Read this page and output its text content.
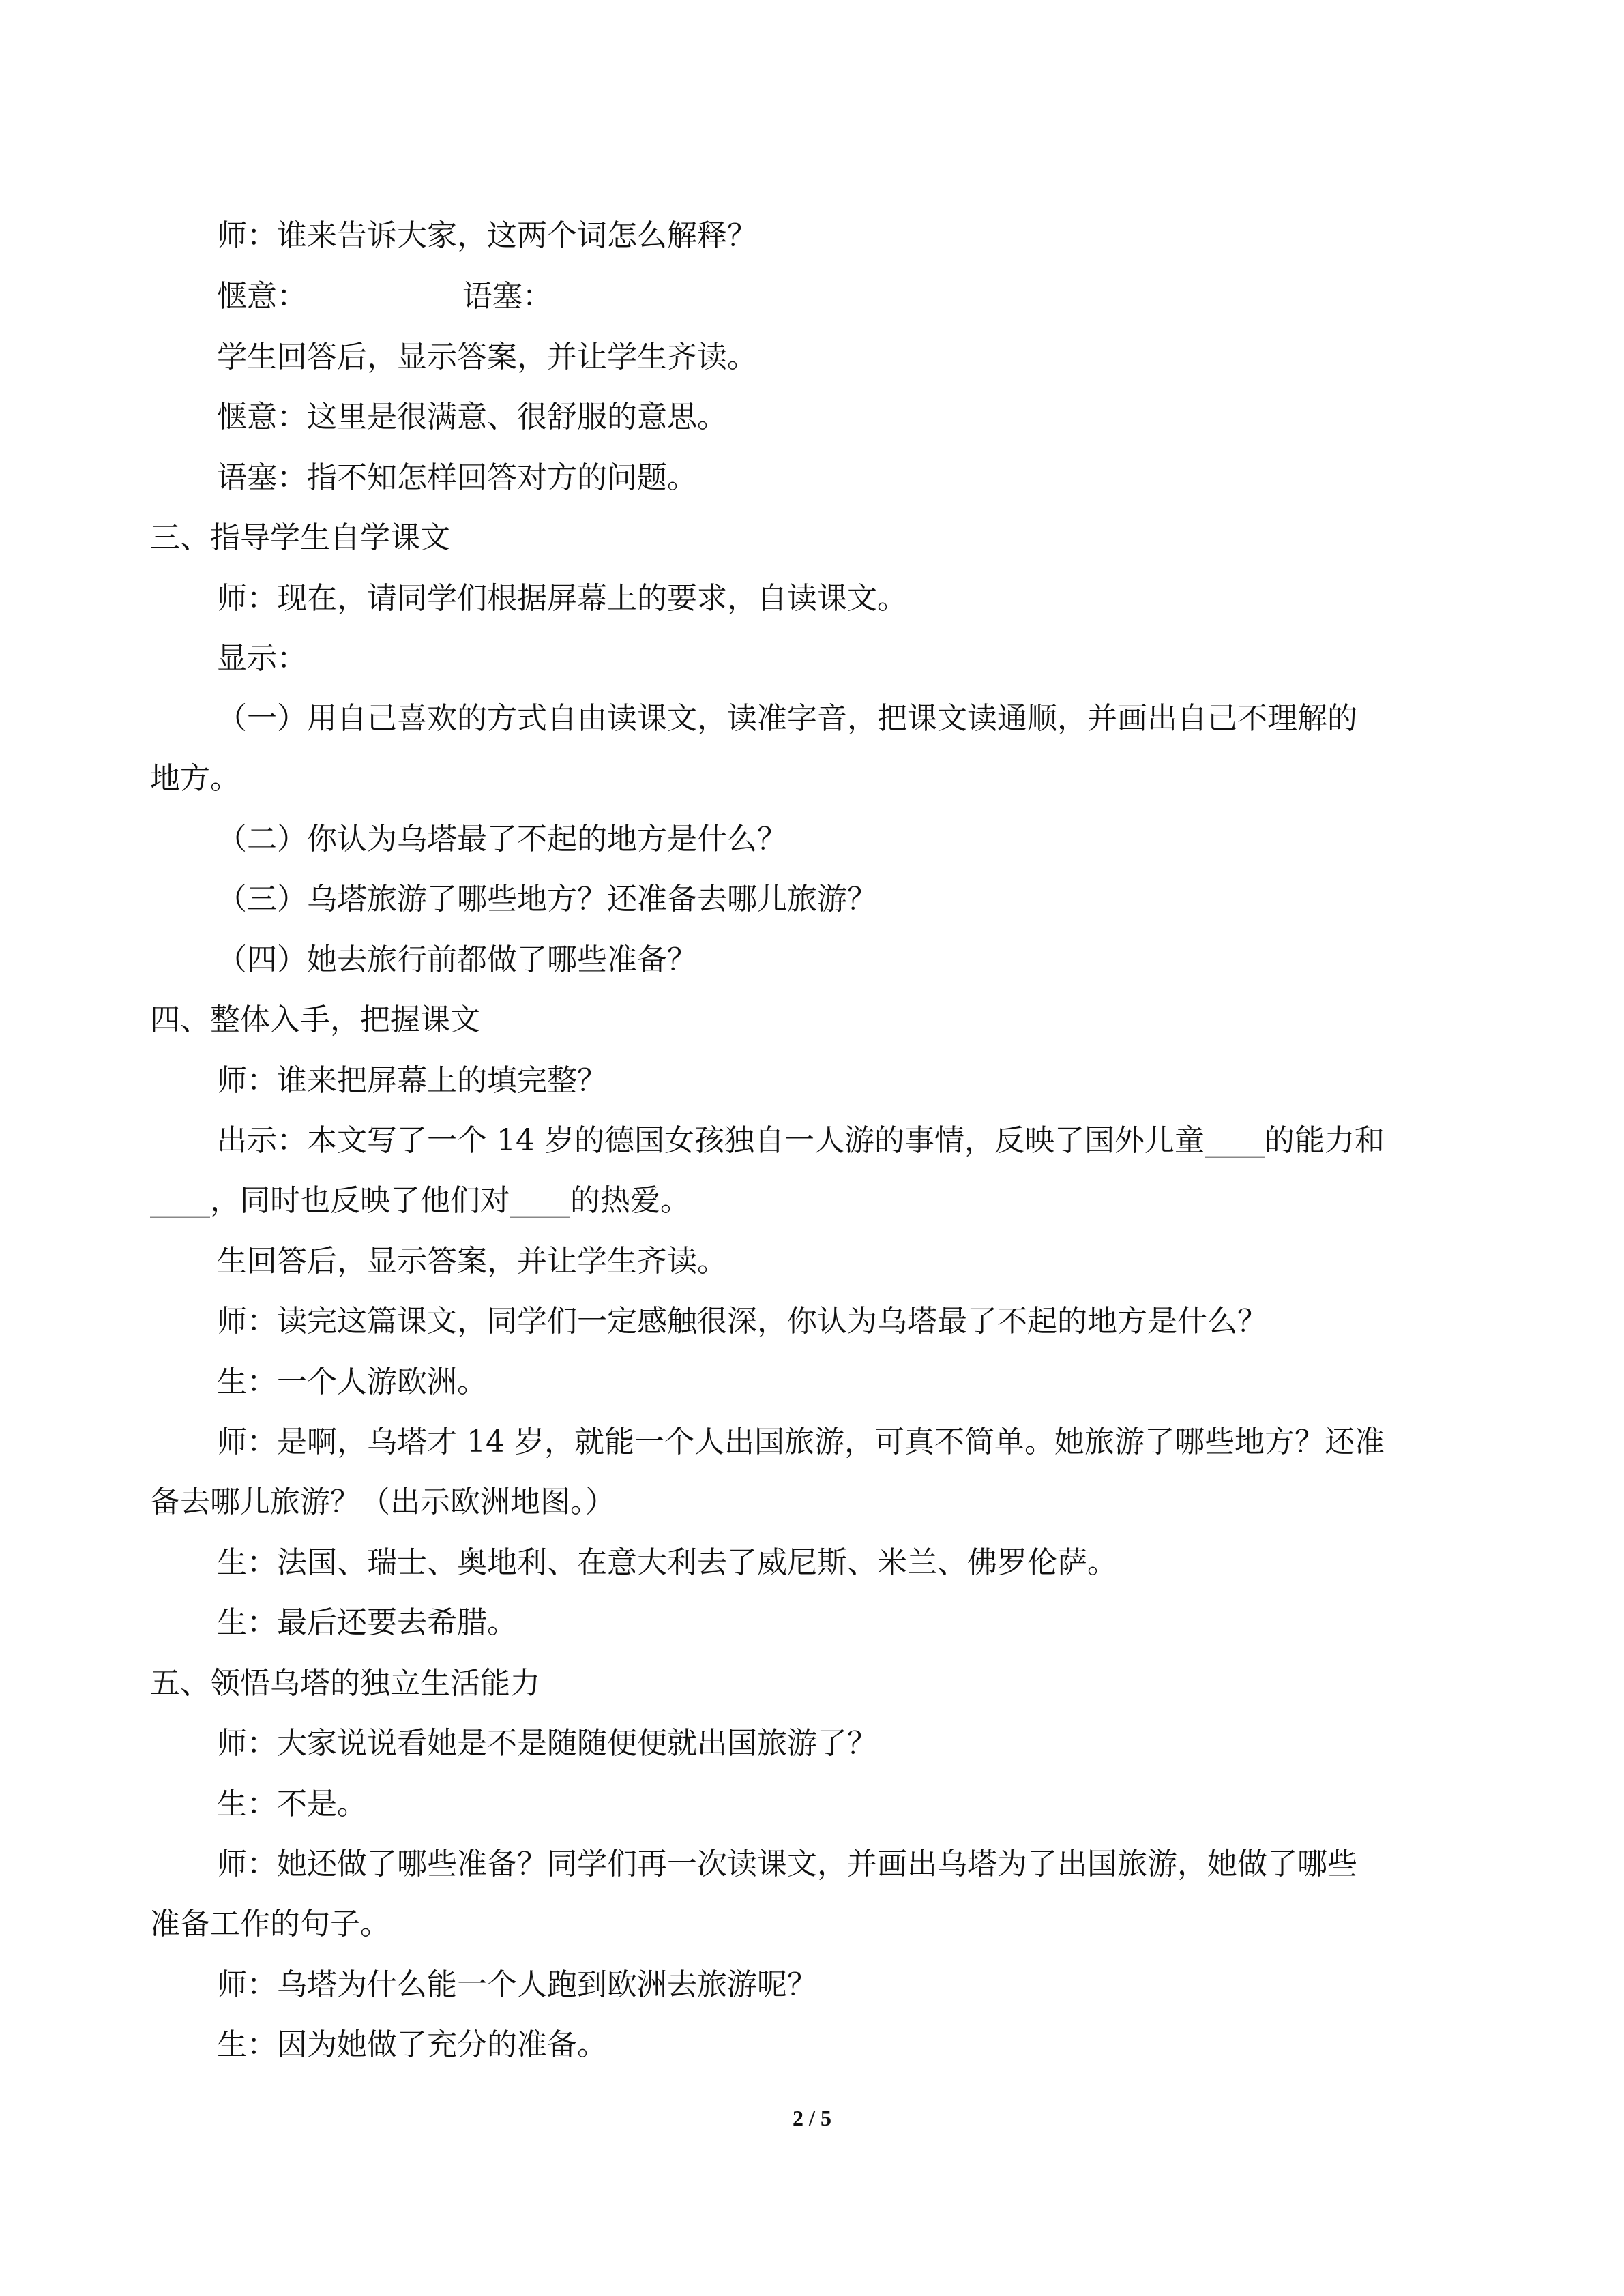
师：谁来告诉大家，这两个词怎么解释？
惬意：	语塞：
学生回答后，显示答案，并让学生齐读。
惬意：这里是很满意、很舒服的意思。
语塞：指不知怎样回答对方的问题。
三、指导学生自学课文
师：现在，请同学们根据屏幕上的要求，自读课文。
显示：
（一）用自己喜欢的方式自由读课文，读准字音，把课文读通顺，并画出自己不理解的
地方。
（二）你认为乌塔最了不起的地方是什么？
（三）乌塔旅游了哪些地方？还准备去哪儿旅游？
（四）她去旅行前都做了哪些准备？
四、整体入手，把握课文
师：谁来把屏幕上的填完整？
出示：本文写了一个 14 岁的德国女孩独自一人游的事情，反映了国外儿童____的能力和
____，同时也反映了他们对____的热爱。
生回答后，显示答案，并让学生齐读。
师：读完这篇课文，同学们一定感触很深，你认为乌塔最了不起的地方是什么？
生：一个人游欧洲。
师：是啊，乌塔才 14 岁，就能一个人出国旅游，可真不简单。她旅游了哪些地方？还准
备去哪儿旅游？（出示欧洲地图。）
生：法国、瑞士、奥地利、在意大利去了威尼斯、米兰、佛罗伦萨。
生：最后还要去希腊。
五、领悟乌塔的独立生活能力
师：大家说说看她是不是随随便便就出国旅游了？
生：不是。
师：她还做了哪些准备？同学们再一次读课文，并画出乌塔为了出国旅游，她做了哪些
准备工作的句子。
师：乌塔为什么能一个人跑到欧洲去旅游呢？
生：因为她做了充分的准备。
2 / 5
